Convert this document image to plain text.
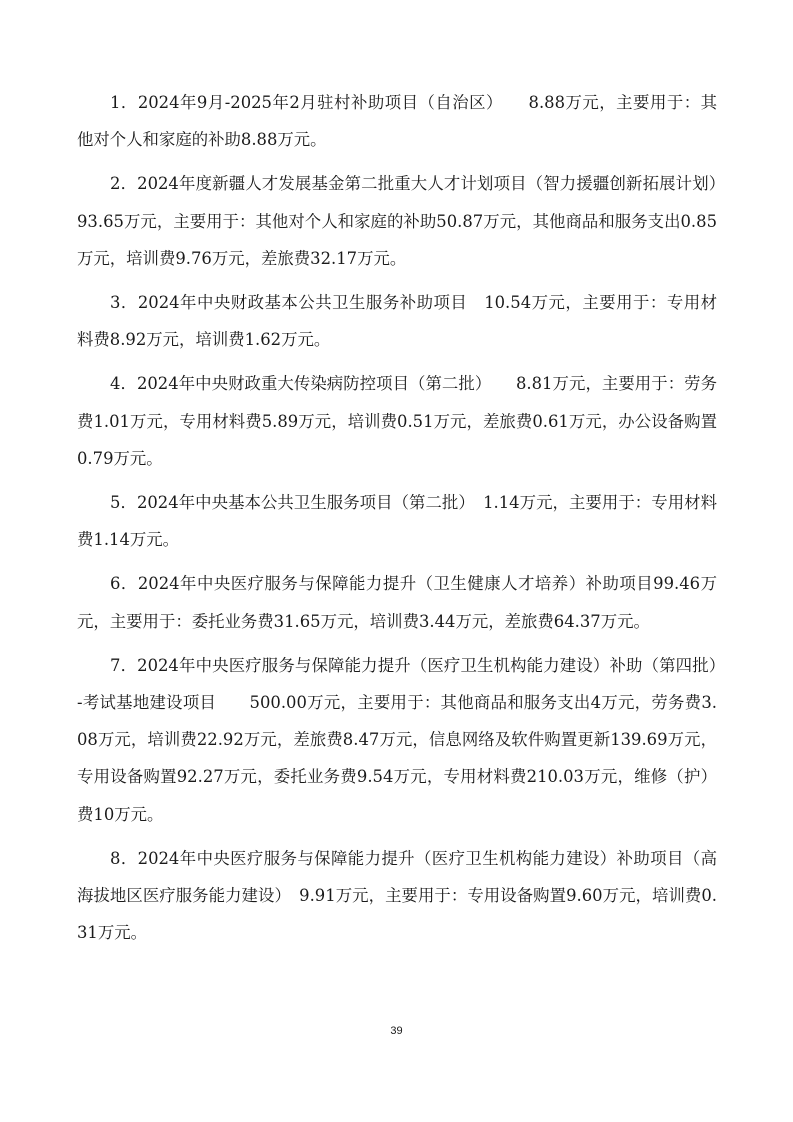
1．2024年9月-2025年2月驻村补助项目（自治区）　　8.88万元，主要用于：其他对个人和家庭的补助8.88万元。

2．2024年度新疆人才发展基金第二批重大人才计划项目（智力援疆创新拓展计划）　　93.65万元，主要用于：其他对个人和家庭的补助50.87万元，其他商品和服务支出0.85万元，培训费9.76万元，差旅费32.17万元。

3．2024年中央财政基本公共卫生服务补助项目　10.54万元，主要用于：专用材料费8.92万元，培训费1.62万元。

4．2024年中央财政重大传染病防控项目（第二批）　　8.81万元，主要用于：劳务费1.01万元，专用材料费5.89万元，培训费0.51万元，差旅费0.61万元，办公设备购置0.79万元。

5．2024年中央基本公共卫生服务项目（第二批）　1.14万元，主要用于：专用材料费1.14万元。

6．2024年中央医疗服务与保障能力提升（卫生健康人才培养）补助项目99.46万元，主要用于：委托业务费31.65万元，培训费3.44万元，差旅费64.37万元。

7．2024年中央医疗服务与保障能力提升（医疗卫生机构能力建设）补助（第四批）-考试基地建设项目　　500.00万元，主要用于：其他商品和服务支出4万元，劳务费3.08万元，培训费22.92万元，差旅费8.47万元，信息网络及软件购置更新139.69万元，专用设备购置92.27万元，委托业务费9.54万元，专用材料费210.03万元，维修（护）费10万元。

8．2024年中央医疗服务与保障能力提升（医疗卫生机构能力建设）补助项目（高海拔地区医疗服务能力建设）　9.91万元，主要用于：专用设备购置9.60万元，培训费0.31万元。

39
